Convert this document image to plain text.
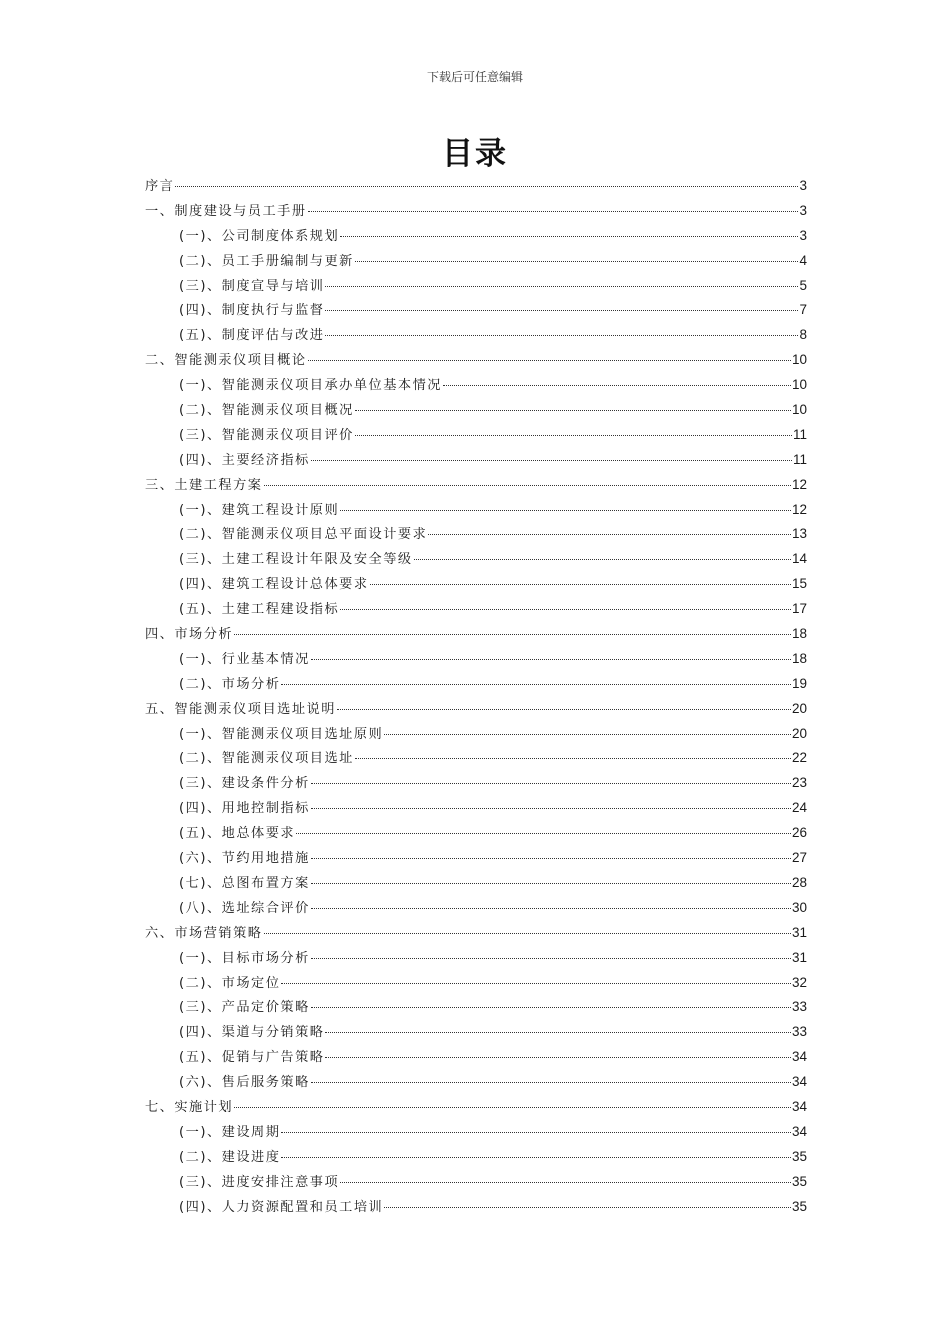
下载后可任意编辑
目录
序言	3
一、制度建设与员工手册	3
(一)、公司制度体系规划	3
(二)、员工手册编制与更新	4
(三)、制度宣导与培训	5
(四)、制度执行与监督	7
(五)、制度评估与改进	8
二、智能测汞仪项目概论	10
(一)、智能测汞仪项目承办单位基本情况	10
(二)、智能测汞仪项目概况	10
(三)、智能测汞仪项目评价	11
(四)、主要经济指标	11
三、土建工程方案	12
(一)、建筑工程设计原则	12
(二)、智能测汞仪项目总平面设计要求	13
(三)、土建工程设计年限及安全等级	14
(四)、建筑工程设计总体要求	15
(五)、土建工程建设指标	17
四、市场分析	18
(一)、行业基本情况	18
(二)、市场分析	19
五、智能测汞仪项目选址说明	20
(一)、智能测汞仪项目选址原则	20
(二)、智能测汞仪项目选址	22
(三)、建设条件分析	23
(四)、用地控制指标	24
(五)、地总体要求	26
(六)、节约用地措施	27
(七)、总图布置方案	28
(八)、选址综合评价	30
六、市场营销策略	31
(一)、目标市场分析	31
(二)、市场定位	32
(三)、产品定价策略	33
(四)、渠道与分销策略	33
(五)、促销与广告策略	34
(六)、售后服务策略	34
七、实施计划	34
(一)、建设周期	34
(二)、建设进度	35
(三)、进度安排注意事项	35
(四)、人力资源配置和员工培训	35
